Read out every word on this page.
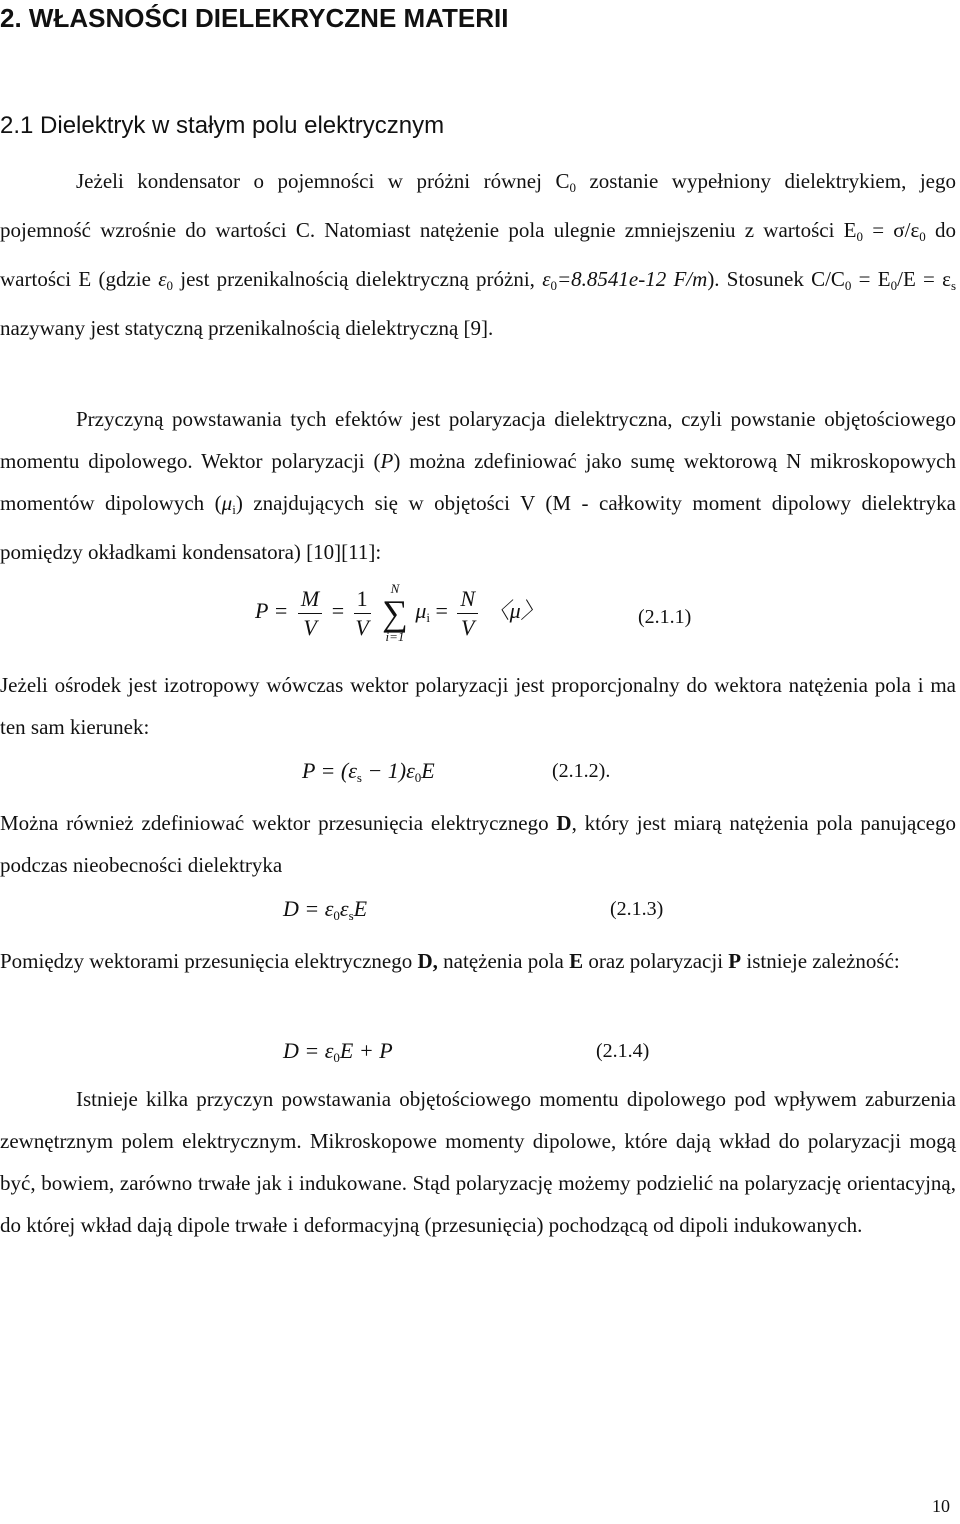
2. WŁASNOŚCI DIELEKRYCZNE MATERII
2.1 Dielektryk w stałym polu elektrycznym
Jeżeli kondensator o pojemności w próżni równej $C_0$ zostanie wypełniony dielektrykiem, jego pojemność wzrośnie do wartości C. Natomiast natężenie pola ulegnie zmniejszeniu z wartości $E_0 = \sigma/\varepsilon_0$ do wartości E (gdzie $\varepsilon_0$ jest przenikalnością dielektryczną próżni, $\varepsilon_0=8.8541e-12$ F/m). Stosunek $C/C_0 = E_0/E = \varepsilon_s$ nazywany jest statyczną przenikalnością dielektryczną [9].
Przyczyną powstawania tych efektów jest polaryzacja dielektryczna, czyli powstanie objętościowego momentu dipolowego. Wektor polaryzacji (P) można zdefiniować jako sumę wektorową N mikroskopowych momentów dipolowych $(\mu_i)$ znajdujących się w objętości V (M - całkowity moment dipolowy dielektryka pomiędzy okładkami kondensatora) [10][11]:
$P = \frac{M}{V} = \frac{1}{V}$ N
∑
i=1 $\mu_i = \frac{N}{V}$ 〈μ〉	(2.1.1)
Jeżeli ośrodek jest izotropowy wówczas wektor polaryzacji jest proporcjonalny do wektora natężenia pola i ma ten sam kierunek:
$P = (\varepsilon_s - 1)\varepsilon_0E$	(2.1.2).
Można również zdefiniować wektor przesunięcia elektrycznego D, który jest miarą natężenia pola panującego podczas nieobecności dielektryka
$D = \varepsilon_0\varepsilon_sE$	(2.1.3)
Pomiędzy wektorami przesunięcia elektrycznego D, natężenia pola E oraz polaryzacji P istnieje zależność:
$D = \varepsilon_0E + P$	(2.1.4)
Istnieje kilka przyczyn powstawania objętościowego momentu dipolowego pod wpływem zaburzenia zewnętrznym polem elektrycznym. Mikroskopowe momenty dipolowe, które dają wkład do polaryzacji mogą być, bowiem, zarówno trwałe jak i indukowane. Stąd polaryzację możemy podzielić na polaryzację orientacyjną, do której wkład dają dipole trwałe i deformacyjną (przesunięcia) pochodzącą od dipoli indukowanych.
10
